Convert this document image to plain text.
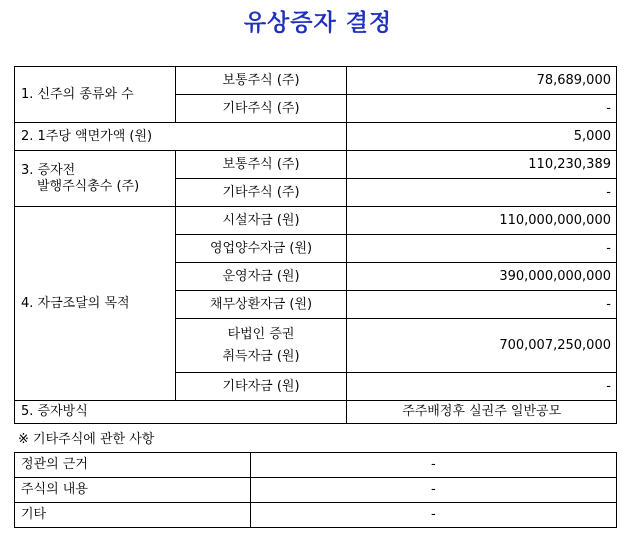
유상증자 결정
1. 신주의 종류와 수	보통주식 (주)	78,689,000
	기타주식 (주)	-
2. 1주당 액면가액 (원)		5,000

3. 증자전
발행주식총수 (주)	보통주식 (주)	110,230,389
	기타주식 (주)	-
4. 자금조달의 목적	시설자금 (원)	110,000,000,000
	영업양수자금 (원)	-
	운영자금 (원)	390,000,000,000
	채무상환자금 (원)	-

	타법인 증권
취득자금 (원)	700,007,250,000
	기타자금 (원)	-
5. 증자방식		주주배정후 실권주 일반공모
※ 기타주식에 관한 사항
정관의 근거	-
주식의 내용	-
기타	-
